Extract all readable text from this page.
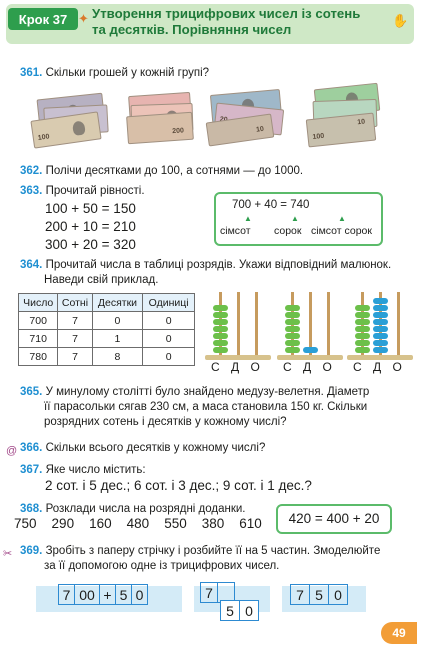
Крок 37 ✦ Утворення трицифрових чисел із сотень
та десятків. Порівняння чисел
✋
361. Скільки грошей у кожній групі?
100
200	10
100
10
362. Полічи десятками до 100, а сотнями — до 1000.
363. Прочитай рівності.
100 + 50 = 150
200 + 10 = 210
300 + 20 = 320
700 + 40 = 740
▲	▲	▲
сімсот сорок сімсот сорок
364. Прочитай числа в таблиці розрядів. Укажи відповідний малюнок.
Наведи свій приклад.
Число	Сотні	Десятки	Одиниці
700	7	0	0
710	7	1	0
780	7	8	0
С Д О С Д О С Д О
365. У минулому столітті було знайдено медузу-велетня. Діаметр
її парасольки сягав 230 см, а маса становила 150 кг. Скільки
розрядних сотень і десятків у кожному числі?
@ 366. Скільки всього десятків у кожному числі?
367. Яке число містить:
2 сот. і 5 дес.; 6 сот. і 3 дес.; 9 сот. і 1 дес.?
368. Розклади числа на розрядні доданки.
750 290 160 480 550 380 610	420 = 400 + 20
✂ 369. Зробіть з паперу стрічку і розбийте її на 5 частин. Змоделюйте
за її допомогою одне із трицифрових чисел.
7 00 + 5 0	7
5 0
7 5 0
49
